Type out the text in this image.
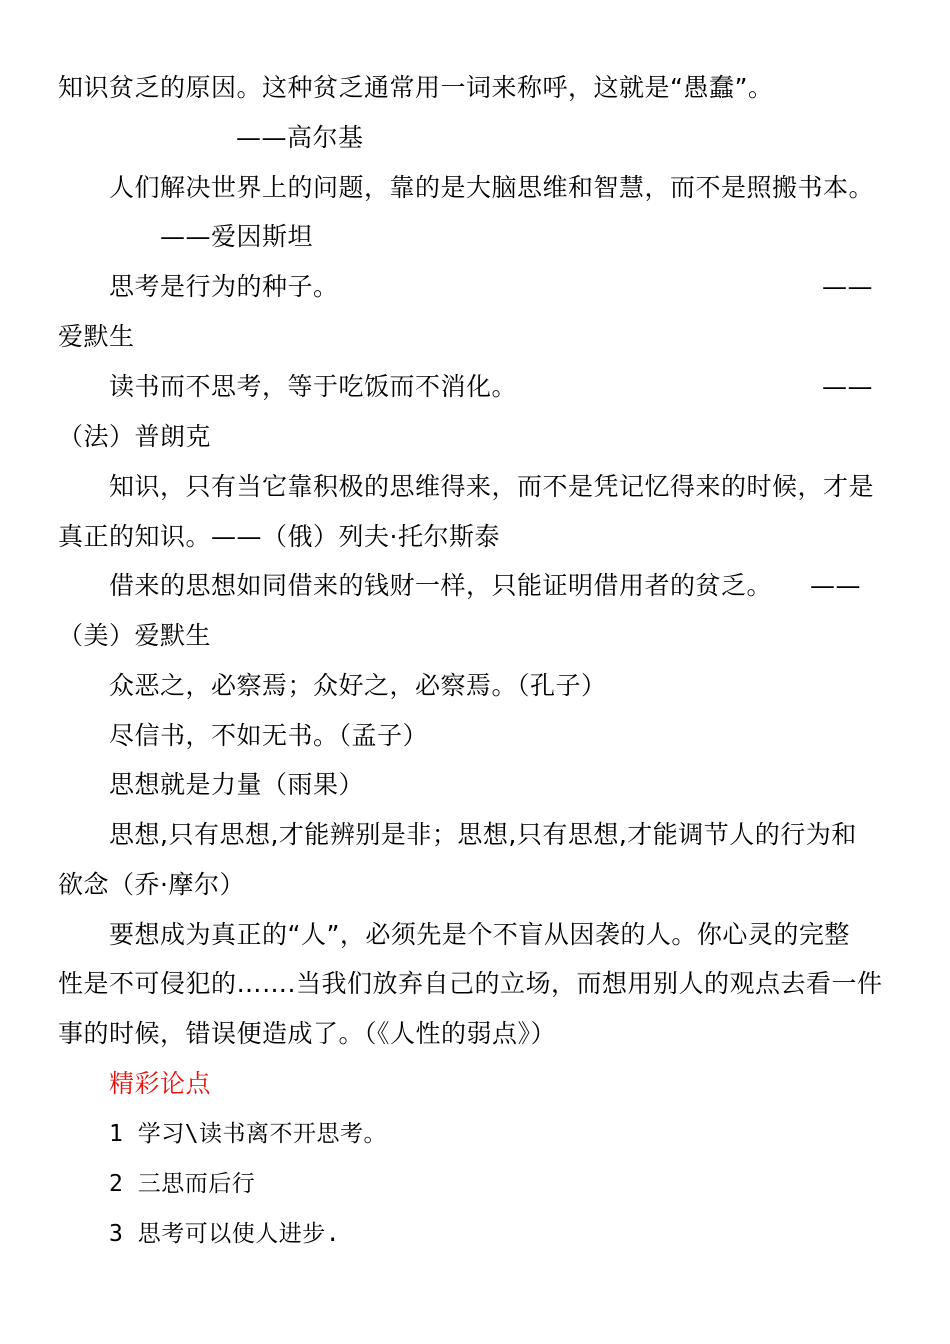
知识贫乏的原因。这种贫乏通常用一词来称呼，这就是“愚蠢”。
——高尔基
人们解决世界上的问题，靠的是大脑思维和智慧，而不是照搬书本。
——爱因斯坦
思考是行为的种子。	——
爱默生
读书而不思考，等于吃饭而不消化。	——
（法）普朗克
知识，只有当它靠积极的思维得来，而不是凭记忆得来的时候，才是
真正的知识。——（俄）列夫·托尔斯泰
借来的思想如同借来的钱财一样，只能证明借用者的贫乏。 ——
（美）爱默生
众恶之，必察焉；众好之，必察焉。（孔子）
尽信书，不如无书。（孟子）
思想就是力量（雨果）
思想,只有思想,才能辨别是非；思想,只有思想,才能调节人的行为和
欲念（乔·摩尔）
要想成为真正的“人”，必须先是个不盲从因袭的人。你心灵的完整
性是不可侵犯的…….当我们放弃自己的立场，而想用别人的观点去看一件
事的时候，错误便造成了。（《人性的弱点》）
精彩论点
1 学习\读书离不开思考。
2 三思而后行
3 思考可以使人进步.
